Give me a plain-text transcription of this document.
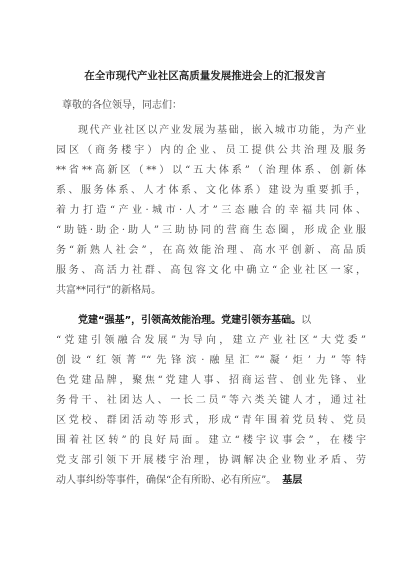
在全市现代产业社区高质量发展推进会上的汇报发言
尊敬的各位领导，同志们：
现代产业社区以产业发展为基础，嵌入城市功能，为产业
园区（商务楼宇）内的企业、员工提供公共治理及服务
**省**高新区（**）以“五大体系”（治理体系、创新体
系、服务体系、人才体系、文化体系）建设为重要抓手，
着力打造“产业·城市·人才”三态融合的幸福共同体、
“助链·助企·助人”三助协同的营商生态圈，形成企业服
务“新熟人社会”，在高效能治理、高水平创新、高品质
服务、高活力社群、高包容文化中确立“企业社区一家，
共富**同行”的新格局。
党建“强基”，引领高效能治理。党建引领夯基础。以
“党建引领融合发展”为导向，建立产业社区“大党委”
创设“红领菁”“先锋滨·融星汇”“凝‘炬’力”等特
色党建品牌，聚焦“党建人事、招商运营、创业先锋、业
务骨干、社团达人、一长二员”等六类关键人才，通过社
区党校、群团活动等形式，形成“青年围着党员转、党员
围着社区转”的良好局面。建立“楼宇议事会”，在楼宇
党支部引领下开展楼宇治理，协调解决企业物业矛盾、劳
动人事纠纷等事件，确保“企有所盼、必有所应”。 基层
